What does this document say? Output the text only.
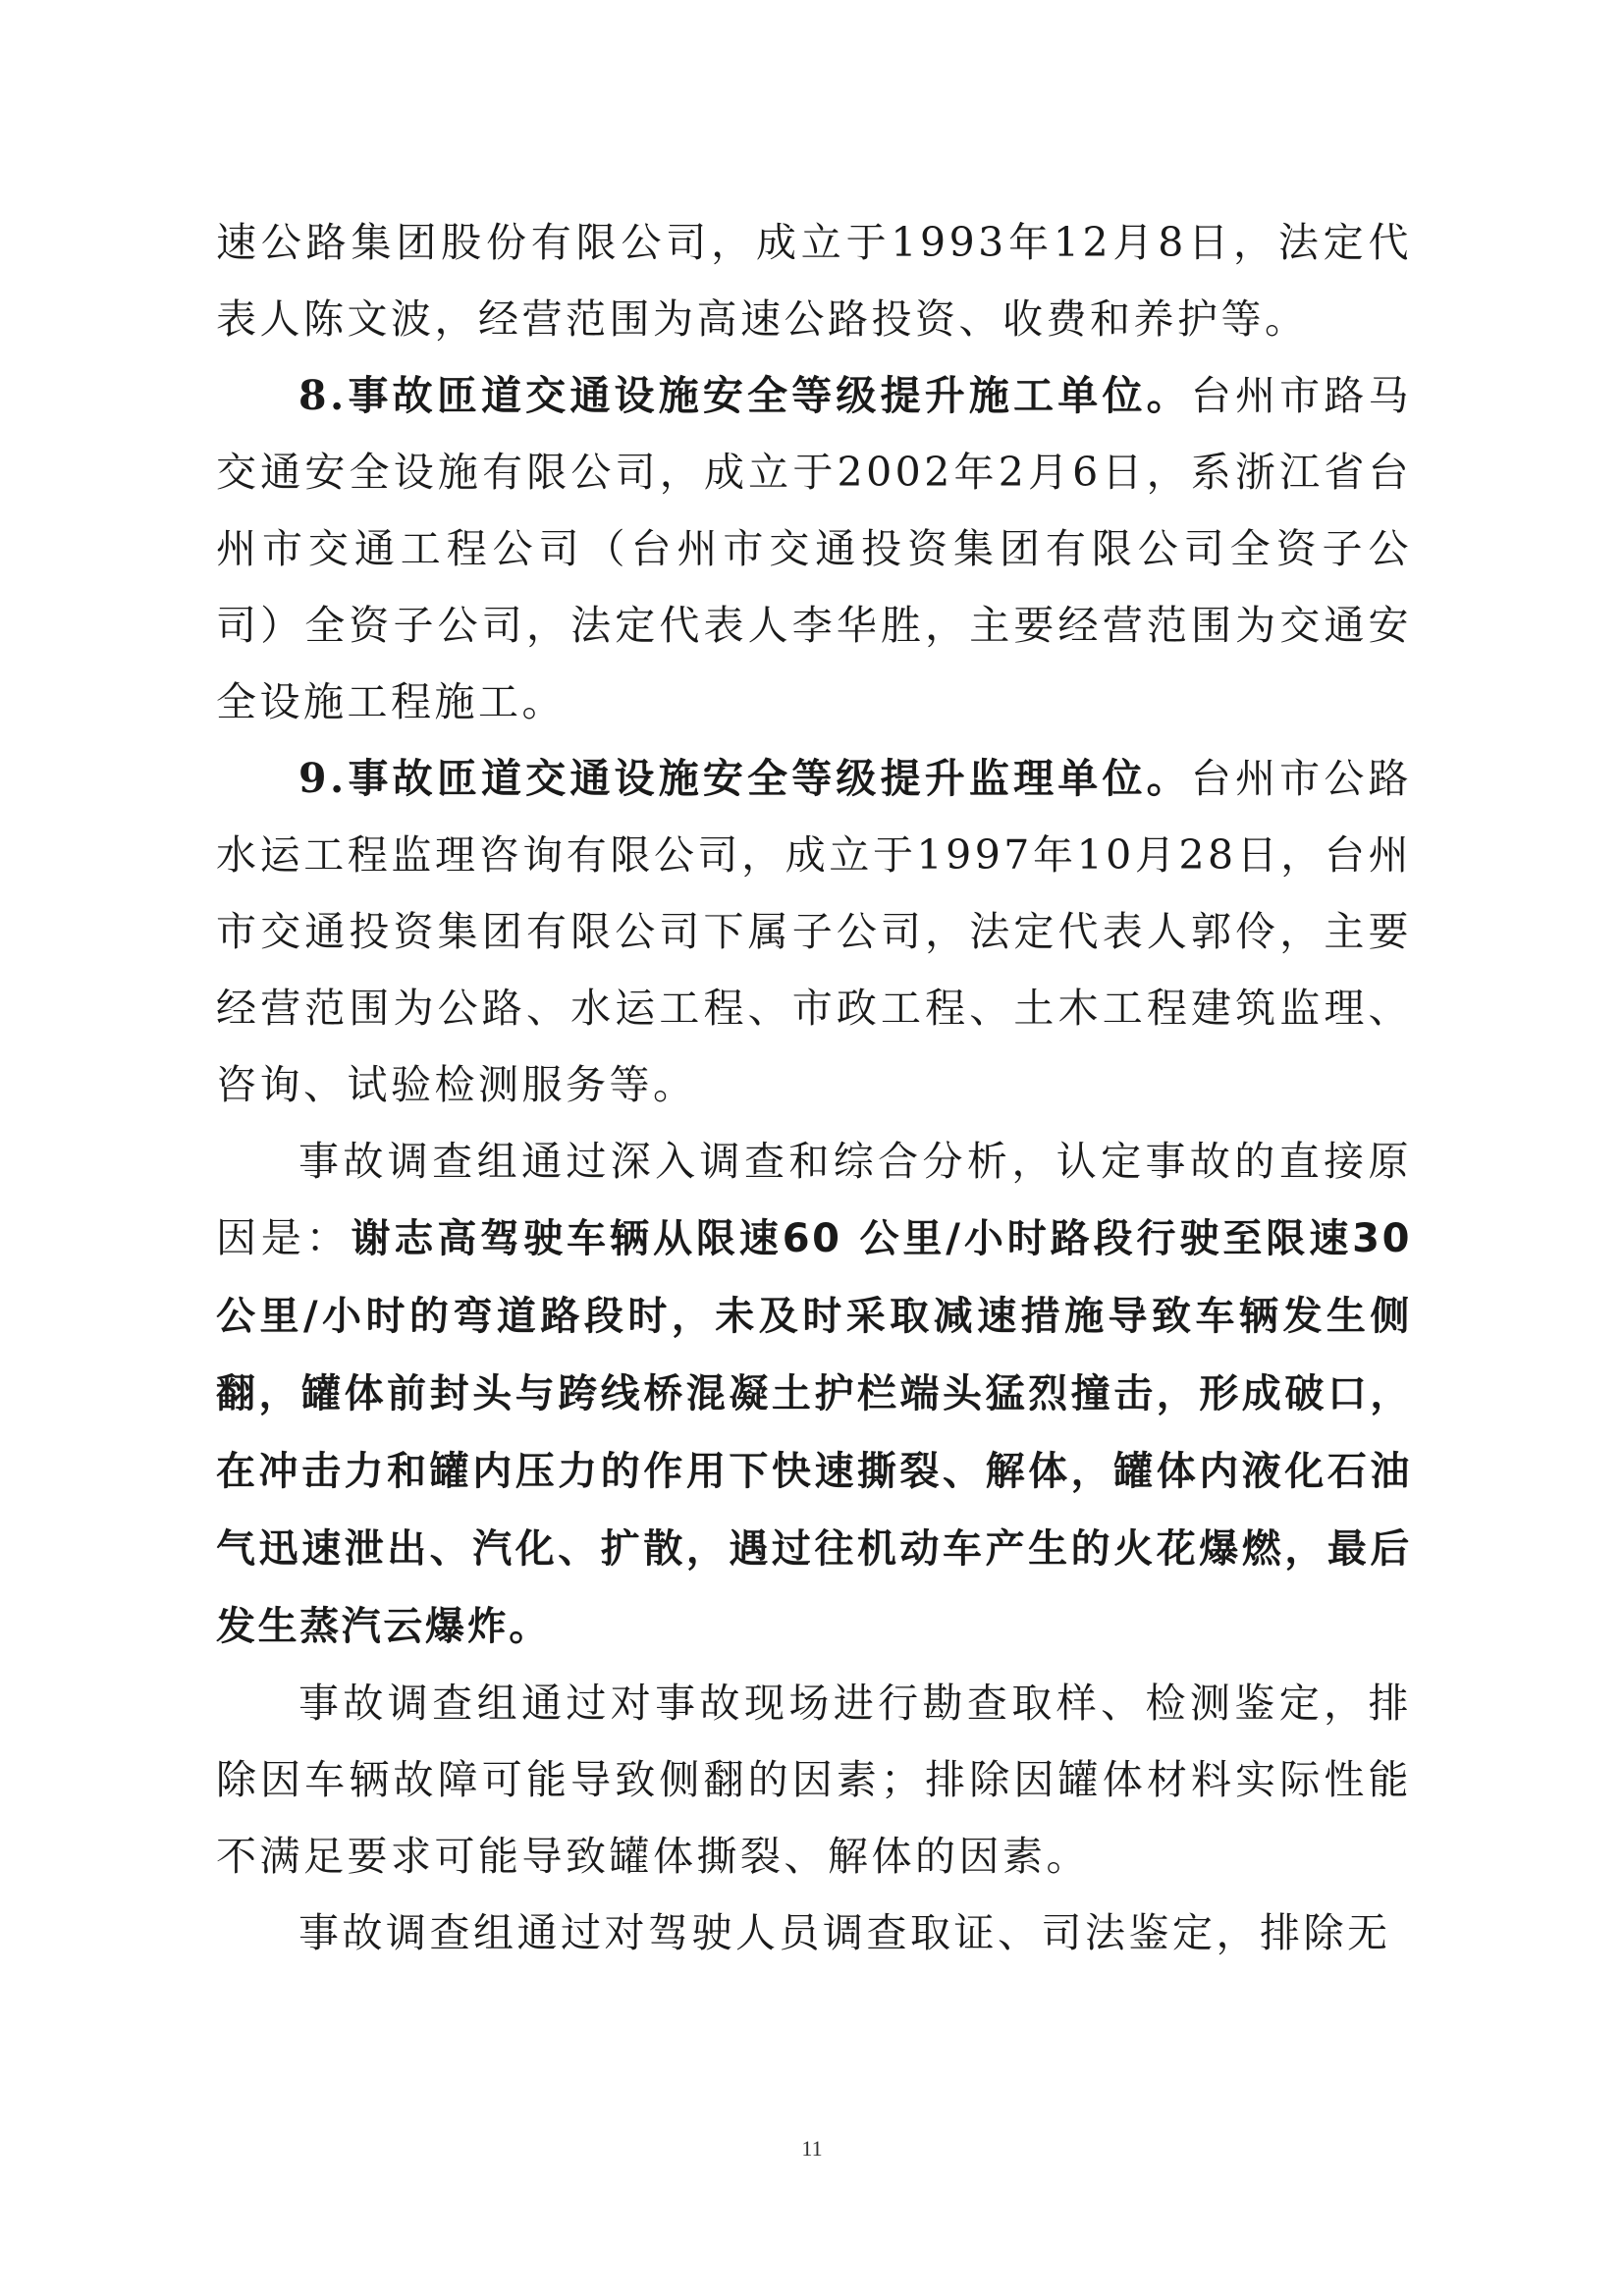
速公路集团股份有限公司，成立于1993年12月8日，法定代表人陈文波，经营范围为高速公路投资、收费和养护等。

8.事故匝道交通设施安全等级提升施工单位。台州市路马交通安全设施有限公司，成立于2002年2月6日，系浙江省台州市交通工程公司（台州市交通投资集团有限公司全资子公司）全资子公司，法定代表人李华胜，主要经营范围为交通安全设施工程施工。

9.事故匝道交通设施安全等级提升监理单位。台州市公路水运工程监理咨询有限公司，成立于1997年10月28日，台州市交通投资集团有限公司下属子公司，法定代表人郭伶，主要经营范围为公路、水运工程、市政工程、土木工程建筑监理、咨询、试验检测服务等。

事故调查组通过深入调查和综合分析，认定事故的直接原因是：谢志高驾驶车辆从限速60 公里/小时路段行驶至限速30公里/小时的弯道路段时，未及时采取减速措施导致车辆发生侧翻，罐体前封头与跨线桥混凝土护栏端头猛烈撞击，形成破口，在冲击力和罐内压力的作用下快速撕裂、解体，罐体内液化石油气迅速泄出、汽化、扩散，遇过往机动车产生的火花爆燃，最后发生蒸汽云爆炸。

事故调查组通过对事故现场进行勘查取样、检测鉴定，排除因车辆故障可能导致侧翻的因素；排除因罐体材料实际性能不满足要求可能导致罐体撕裂、解体的因素。

事故调查组通过对驾驶人员调查取证、司法鉴定，排除无

11
